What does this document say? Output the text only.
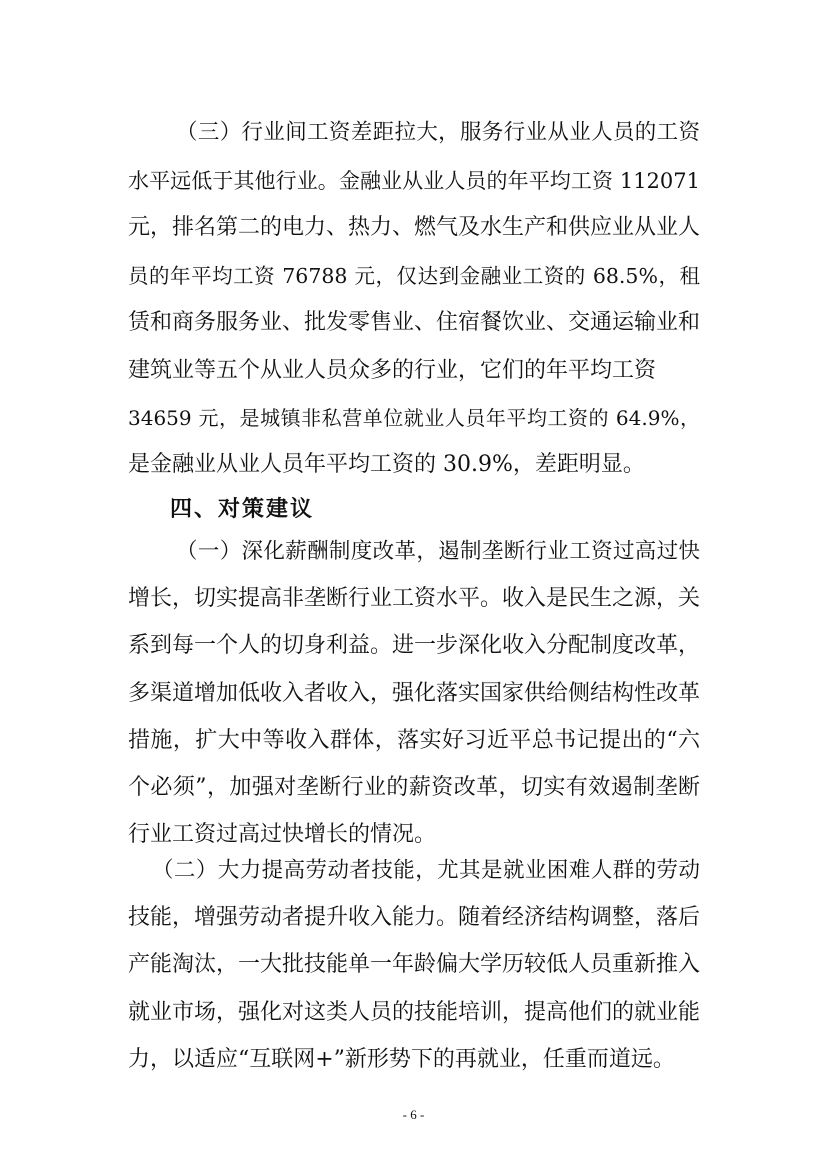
（三）行业间工资差距拉大，服务行业从业人员的工资
水平远低于其他行业。金融业从业人员的年平均工资 112071
元，排名第二的电力、热力、燃气及水生产和供应业从业人
员的年平均工资 76788 元，仅达到金融业工资的 68.5%，租
赁和商务服务业、批发零售业、住宿餐饮业、交通运输业和
建筑业等五个从业人员众多的行业，它们的年平均工资
34659 元，是城镇非私营单位就业人员年平均工资的 64.9%，
是金融业从业人员年平均工资的 30.9%，差距明显。
四、对策建议
（一）深化薪酬制度改革，遏制垄断行业工资过高过快
增长，切实提高非垄断行业工资水平。收入是民生之源，关
系到每一个人的切身利益。进一步深化收入分配制度改革，
多渠道增加低收入者收入，强化落实国家供给侧结构性改革
措施，扩大中等收入群体，落实好习近平总书记提出的“六
个必须”，加强对垄断行业的薪资改革，切实有效遏制垄断
行业工资过高过快增长的情况。
（二）大力提高劳动者技能，尤其是就业困难人群的劳动
技能，增强劳动者提升收入能力。随着经济结构调整，落后
产能淘汰，一大批技能单一年龄偏大学历较低人员重新推入
就业市场，强化对这类人员的技能培训，提高他们的就业能
力，以适应“互联网+”新形势下的再就业，任重而道远。
- 6 -
